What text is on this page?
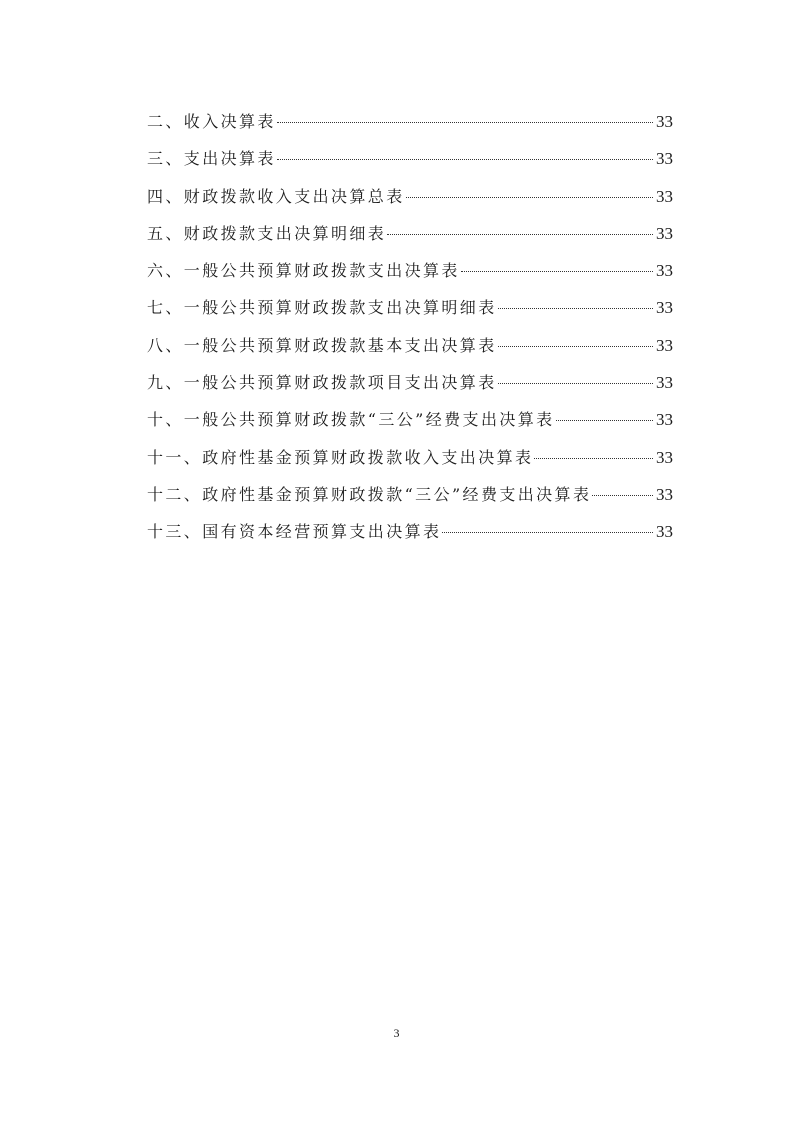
二、收入决算表	33
三、支出决算表	33
四、财政拨款收入支出决算总表	33
五、财政拨款支出决算明细表	33
六、一般公共预算财政拨款支出决算表	33
七、一般公共预算财政拨款支出决算明细表	33
八、一般公共预算财政拨款基本支出决算表	33
九、一般公共预算财政拨款项目支出决算表	33
十、一般公共预算财政拨款“三公”经费支出决算表	33
十一、政府性基金预算财政拨款收入支出决算表	33
十二、政府性基金预算财政拨款“三公”经费支出决算表	33
十三、国有资本经营预算支出决算表	33
3
